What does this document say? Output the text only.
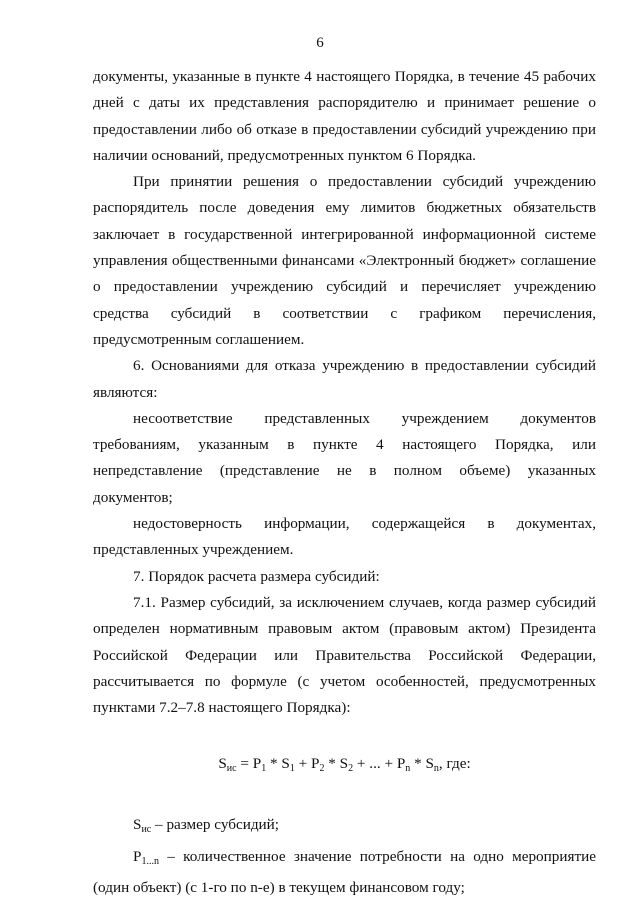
6

документы, указанные в пункте 4 настоящего Порядка, в течение 45 рабочих дней с даты их представления распорядителю и принимает решение о предоставлении либо об отказе в предоставлении субсидий учреждению при наличии оснований, предусмотренных пунктом 6 Порядка.

При принятии решения о предоставлении субсидий учреждению распорядитель после доведения ему лимитов бюджетных обязательств заключает в государственной интегрированной информационной системе управления общественными финансами «Электронный бюджет» соглашение о предоставлении учреждению субсидий и перечисляет учреждению средства субсидий в соответствии с графиком перечисления, предусмотренным соглашением.

6. Основаниями для отказа учреждению в предоставлении субсидий являются:

несоответствие представленных учреждением документов требованиям, указанным в пункте 4 настоящего Порядка, или непредставление (представление не в полном объеме) указанных документов;

недостоверность информации, содержащейся в документах, представленных учреждением.

7. Порядок расчета размера субсидий:

7.1. Размер субсидий, за исключением случаев, когда размер субсидий определен нормативным правовым актом (правовым актом) Президента Российской Федерации или Правительства Российской Федерации, рассчитывается по формуле (с учетом особенностей, предусмотренных пунктами 7.2–7.8 настоящего Порядка):

$S_{ис} = P_1 * S_1 + P_2 * S_2$ + ... + $P_n * S_n$, где:

Sис – размер субсидий;

P1...n – количественное значение потребности на одно мероприятие (один объект) (с 1-го по n-е) в текущем финансовом году;
